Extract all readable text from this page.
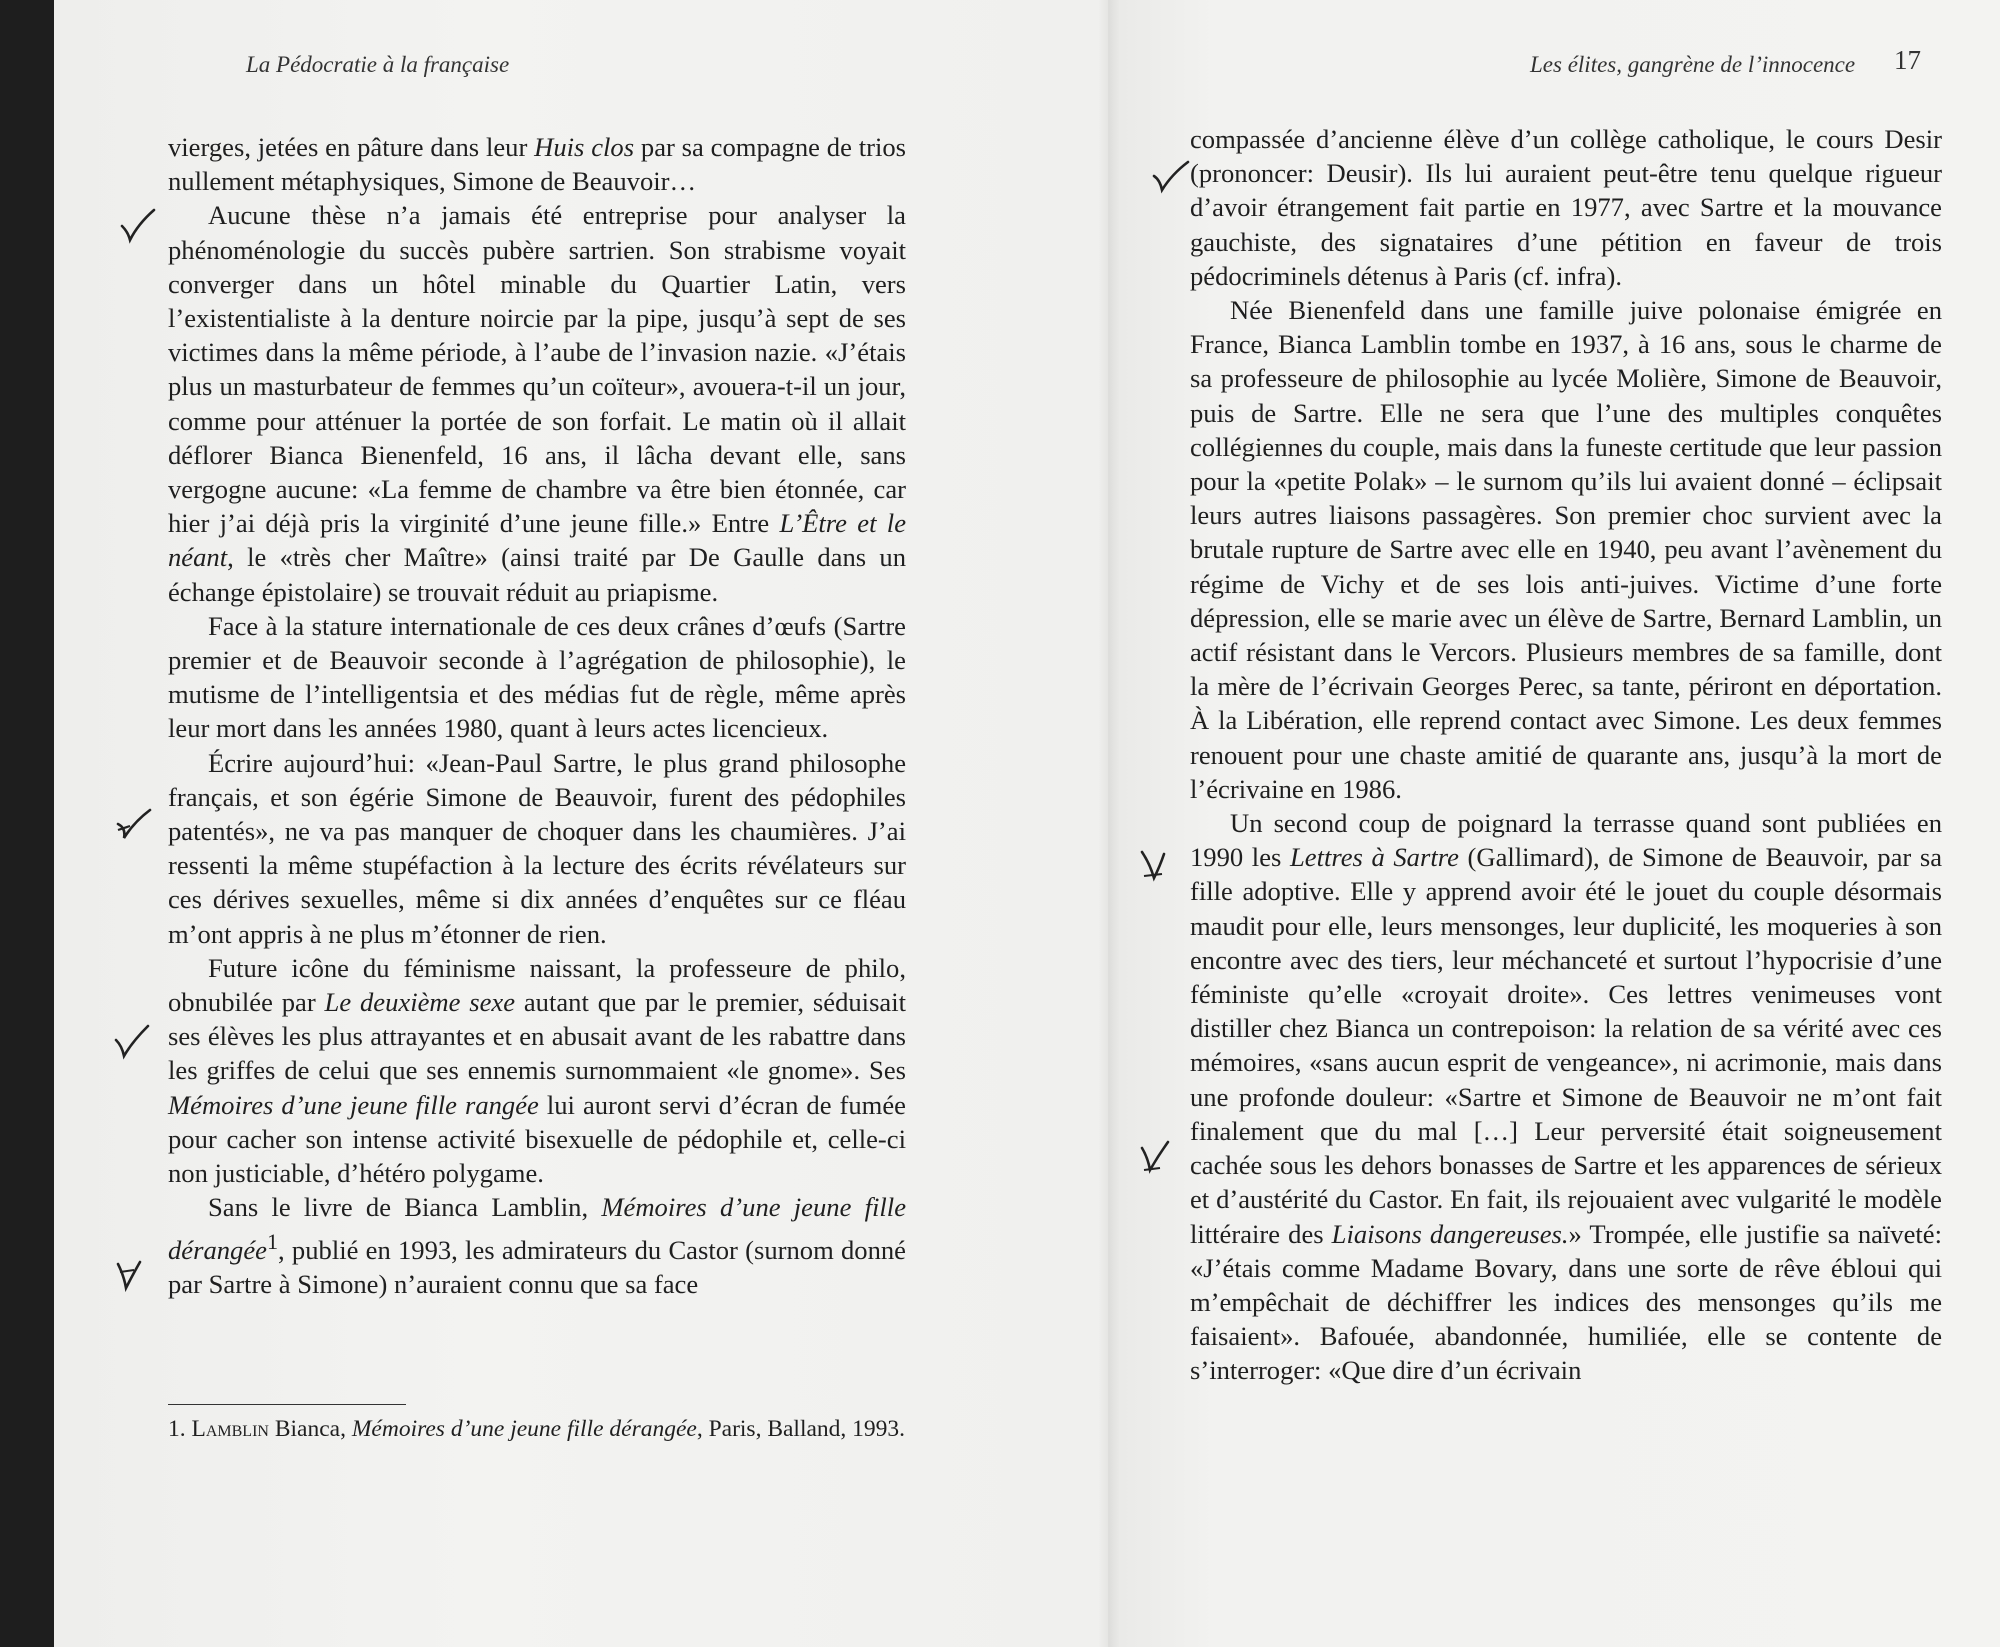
La Pédocratie à la française	Les élites, gangrène de l’innocence 17

vierges, jetées en pâture dans leur Huis clos par sa compagne de trios nullement métaphysiques, Simone de Beauvoir…

Aucune thèse n’a jamais été entreprise pour analyser la phénoménologie du succès pubère sartrien. Son strabisme voyait converger dans un hôtel minable du Quartier Latin, vers l’existentialiste à la denture noircie par la pipe, jusqu’à sept de ses victimes dans la même période, à l’aube de l’invasion nazie. «J’étais plus un masturbateur de femmes qu’un coïteur», avouera-t-il un jour, comme pour atténuer la portée de son forfait. Le matin où il allait déflorer Bianca Bienenfeld, 16 ans, il lâcha devant elle, sans vergogne aucune: «La femme de chambre va être bien étonnée, car hier j’ai déjà pris la virginité d’une jeune fille.» Entre L’Être et le néant, le «très cher Maître» (ainsi traité par De Gaulle dans un échange épistolaire) se trouvait réduit au priapisme.

Face à la stature internationale de ces deux crânes d’œufs (Sartre premier et de Beauvoir seconde à l’agrégation de philosophie), le mutisme de l’intelligentsia et des médias fut de règle, même après leur mort dans les années 1980, quant à leurs actes licencieux.

Écrire aujourd’hui: «Jean-Paul Sartre, le plus grand philosophe français, et son égérie Simone de Beauvoir, furent des pédophiles patentés», ne va pas manquer de choquer dans les chaumières. J’ai ressenti la même stupéfaction à la lecture des écrits révélateurs sur ces dérives sexuelles, même si dix années d’enquêtes sur ce fléau m’ont appris à ne plus m’étonner de rien.

Future icône du féminisme naissant, la professeure de philo, obnubilée par Le deuxième sexe autant que par le premier, séduisait ses élèves les plus attrayantes et en abusait avant de les rabattre dans les griffes de celui que ses ennemis surnommaient «le gnome». Ses Mémoires d’une jeune fille rangée lui auront servi d’écran de fumée pour cacher son intense activité bisexuelle de pédophile et, celle-ci non justiciable, d’hétéro polygame.

Sans le livre de Bianca Lamblin, Mémoires d’une jeune fille dérangée$^1$, publié en 1993, les admirateurs du Castor (surnom donné par Sartre à Simone) n’auraient connu que sa face

compassée d’ancienne élève d’un collège catholique, le cours Desir (prononcer: Deusir). Ils lui auraient peut-être tenu quelque rigueur d’avoir étrangement fait partie en 1977, avec Sartre et la mouvance gauchiste, des signataires d’une pétition en faveur de trois pédocriminels détenus à Paris (cf. infra).

Née Bienenfeld dans une famille juive polonaise émigrée en France, Bianca Lamblin tombe en 1937, à 16 ans, sous le charme de sa professeure de philosophie au lycée Molière, Simone de Beauvoir, puis de Sartre. Elle ne sera que l’une des multiples conquêtes collégiennes du couple, mais dans la funeste certitude que leur passion pour la «petite Polak» – le surnom qu’ils lui avaient donné – éclipsait leurs autres liaisons passagères. Son premier choc survient avec la brutale rupture de Sartre avec elle en 1940, peu avant l’avènement du régime de Vichy et de ses lois anti-juives. Victime d’une forte dépression, elle se marie avec un élève de Sartre, Bernard Lamblin, un actif résistant dans le Vercors. Plusieurs membres de sa famille, dont la mère de l’écrivain Georges Perec, sa tante, périront en déportation. À la Libération, elle reprend contact avec Simone. Les deux femmes renouent pour une chaste amitié de quarante ans, jusqu’à la mort de l’écrivaine en 1986.

Un second coup de poignard la terrasse quand sont publiées en 1990 les Lettres à Sartre (Gallimard), de Simone de Beauvoir, par sa fille adoptive. Elle y apprend avoir été le jouet du couple désormais maudit pour elle, leurs mensonges, leur duplicité, les moqueries à son encontre avec des tiers, leur méchanceté et surtout l’hypocrisie d’une féministe qu’elle «croyait droite». Ces lettres venimeuses vont distiller chez Bianca un contrepoison: la relation de sa vérité avec ces mémoires, «sans aucun esprit de vengeance», ni acrimonie, mais dans une profonde douleur: «Sartre et Simone de Beauvoir ne m’ont fait finalement que du mal […] Leur perversité était soigneusement cachée sous les dehors bonasses de Sartre et les apparences de sérieux et d’austérité du Castor. En fait, ils rejouaient avec vulgarité le modèle littéraire des Liaisons dangereuses.» Trompée, elle justifie sa naïveté: «J’étais comme Madame Bovary, dans une sorte de rêve ébloui qui m’empêchait de déchiffrer les indices des mensonges qu’ils me faisaient». Bafouée, abandonnée, humiliée, elle se contente de s’interroger: «Que dire d’un écrivain

1. Lamblin Bianca, Mémoires d’une jeune fille dérangée, Paris, Balland, 1993.
